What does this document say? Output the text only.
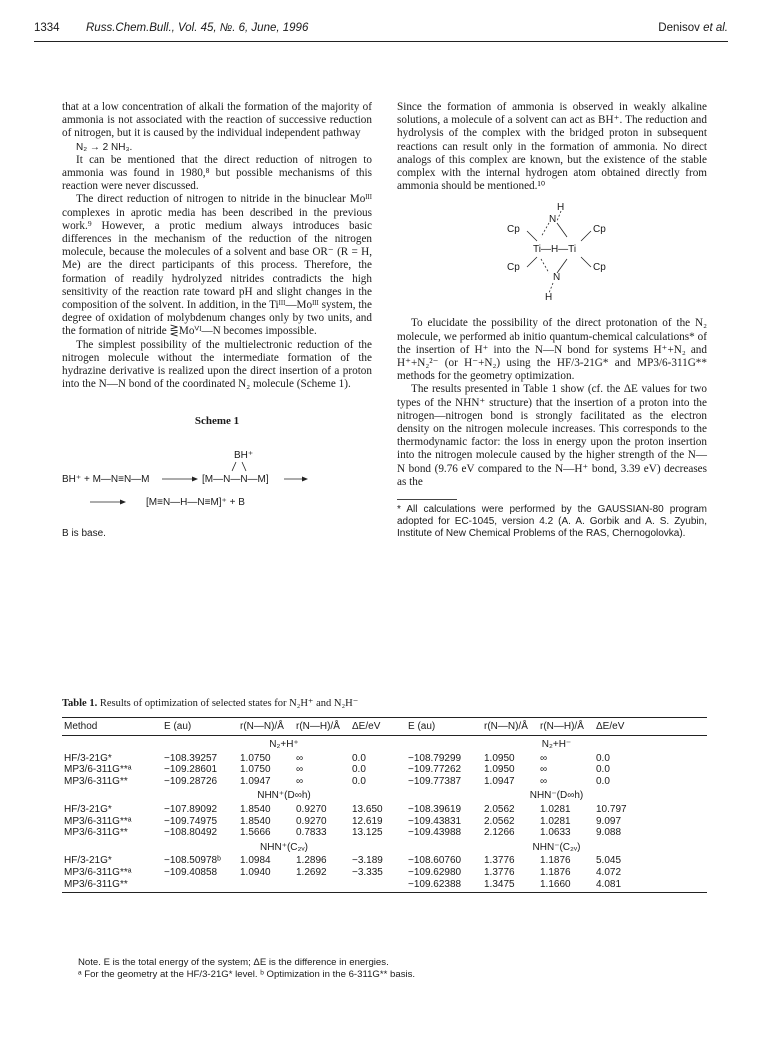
1334 Russ.Chem.Bull., Vol. 45, №. 6, June, 1996	Denisov et al.

that at a low concentration of alkali the formation of the majority of ammonia is not associated with the reaction of successive reduction of nitrogen, but it is caused by the individual independent pathway

N₂ → 2 NH₃.

It can be mentioned that the direct reduction of nitrogen to ammonia was found in 1980,⁸ but possible mechanisms of this reaction were never discussed.

The direct reduction of nitrogen to nitride in the binuclear Moᴵᴵᴵ complexes in aprotic media has been described in the previous work.⁹ However, a protic medium always introduces basic differences in the mechanism of the reduction of the nitrogen molecule, because the molecules of a solvent and base OR⁻ (R = H, Me) are the direct participants of this process. Therefore, the formation of readily hydrolyzed nitrides contradicts the high sensitivity of the reaction rate toward pH and slight changes in the composition of the solvent. In addition, in the Tiᴵᴵᴵ—Moᴵᴵᴵ system, the degree of oxidation of molybdenum changes only by two units, and the formation of nitride ⋛Moⱽᴵ—N becomes impossible.

The simplest possibility of the multielectronic reduction of the nitrogen molecule without the intermediate formation of the hydrazine derivative is realized upon the direct insertion of a proton into the N—N bond of the coordinated N₂ molecule (Scheme 1).

Scheme 1
BH⁺
BH⁺ + M—N≡N—M	[M—N—N—M]
[M≡N—H—N≡M]⁺ + B
B is base.

Since the formation of ammonia is observed in weakly alkaline solutions, a molecule of a solvent can act as BH⁺. The reduction and hydrolysis of the complex with the bridged proton in subsequent reactions can result only in the formation of ammonia. No direct analogs of this complex are known, but the existence of the stable complex with the internal hydrogen atom obtained directly from ammonia should be mentioned.¹⁰

H
N
Cp	Cp
Ti—H—Ti
Cp	Cp
N
H

To elucidate the possibility of the direct protonation of the N₂ molecule, we performed ab initio quantum-chemical calculations* of the insertion of H⁺ into the N—N bond for systems H⁺+N₂ and H⁺+N₂²⁻ (or H⁻+N₂) using the HF/3-21G* and MP3/6-311G** methods for the geometry optimization.

The results presented in Table 1 show (cf. the ΔE values for two types of the NHN⁺ structure) that the insertion of a proton into the nitrogen—nitrogen bond is strongly facilitated as the electron density on the nitrogen molecule increases. This corresponds to the thermodynamic factor: the loss in energy upon the proton insertion into the nitrogen molecule caused by the higher strength of the N—N bond (9.76 eV compared to the N—H⁺ bond, 3.39 eV) decreases as the

* All calculations were performed by the GAUSSIAN-80 program adopted for EC-1045, version 4.2 (A. A. Gorbik and A. S. Zyubin, Institute of New Chemical Problems of the RAS, Chernogolovka).
Table 1. Results of optimization of selected states for N₂H⁺ and N₂H⁻
Method	E (au)	r(N—N)/Å	r(N—H)/Å	ΔE/eV	E (au)	r(N—N)/Å	r(N—H)/Å	ΔE/eV
	N₂+H⁺				N₂+H⁻			
HF/3-21G*	−108.39257	1.0750	∞	0.0	−108.79299	1.0950	∞	0.0
MP3/6-311G**ᵃ	−109.28601	1.0750	∞	0.0	−109.77262	1.0950	∞	0.0
MP3/6-311G**	−109.28726	1.0947	∞	0.0	−109.77387	1.0947	∞	0.0
	NHN⁺(D∞h)				NHN⁻(D∞h)			
HF/3-21G*	−107.89092	1.8540	0.9270	13.650	−108.39619	2.0562	1.0281	10.797
MP3/6-311G**ᵃ	−109.74975	1.8540	0.9270	12.619	−109.43831	2.0562	1.0281	9.097
MP3/6-311G**	−108.80492	1.5666	0.7833	13.125	−109.43988	2.1266	1.0633	9.088
	NHN⁺(C₂ᵥ)				NHN⁻(C₂ᵥ)			
HF/3-21G*	−108.50978ᵇ	1.0984	1.2896	−3.189	−108.60760	1.3776	1.1876	5.045
MP3/6-311G**ᵃ	−109.40858	1.0940	1.2692	−3.335	−109.62980	1.3776	1.1876	4.072
MP3/6-311G**					−109.62388	1.3475	1.1660	4.081
Note. E is the total energy of the system; ΔE is the difference in energies.
ᵃ For the geometry at the HF/3-21G* level. ᵇ Optimization in the 6-311G** basis.
